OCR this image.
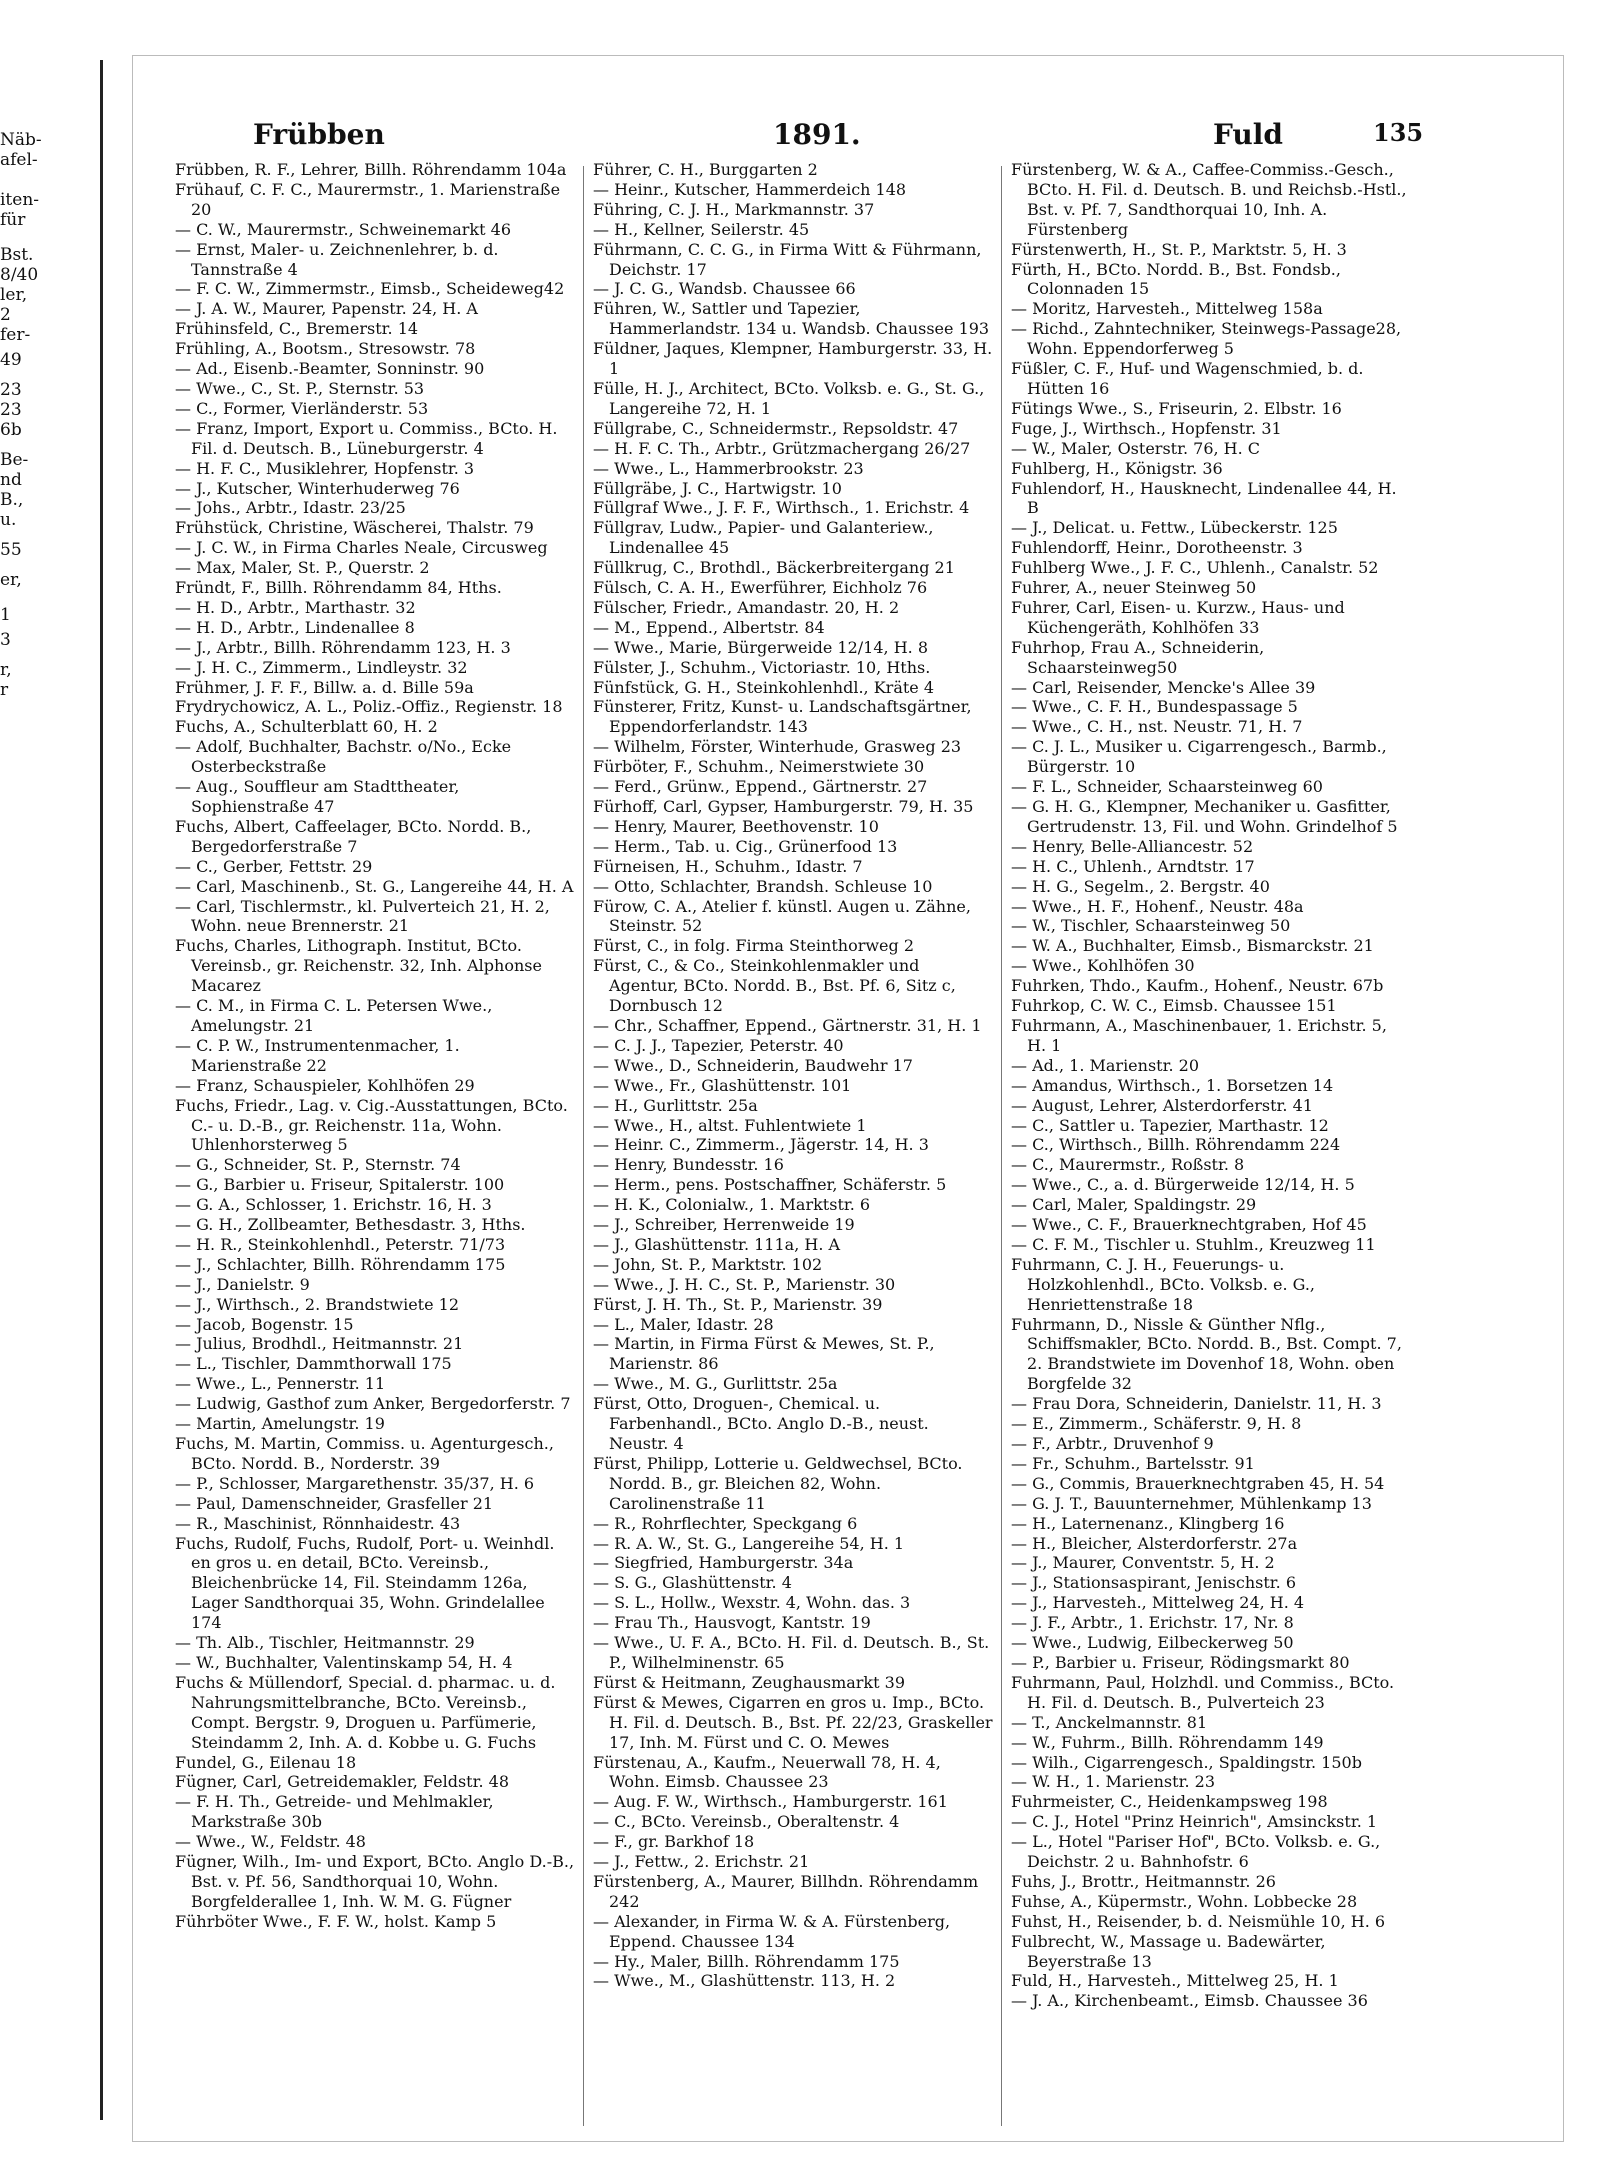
Näb-
afel-
iten-
für
Bst.
8/40
ler,
2
fer-
49
23
23
6b
Be-
nd
B.,
u.
55
er,
1
3
r,
r
Frübben	1891.	Fuld	135

Frübben, R. F., Lehrer, Billh. Röhrendamm 104a

Frühauf, C. F. C., Maurermstr., 1. Marienstraße 20

— C. W., Maurermstr., Schweinemarkt 46

— Ernst, Maler- u. Zeichnenlehrer, b. d. Tannstraße 4

— F. C. W., Zimmermstr., Eimsb., Scheideweg42

— J. A. W., Maurer, Papenstr. 24, H. A

Frühinsfeld, C., Bremerstr. 14

Frühling, A., Bootsm., Stresowstr. 78

— Ad., Eisenb.-Beamter, Sonninstr. 90

— Wwe., C., St. P., Sternstr. 53

— C., Former, Vierländerstr. 53

— Franz, Import, Export u. Commiss., BCto. H. Fil. d. Deutsch. B., Lüneburgerstr. 4

— H. F. C., Musiklehrer, Hopfenstr. 3

— J., Kutscher, Winterhuderweg 76

— Johs., Arbtr., Idastr. 23/25

Frühstück, Christine, Wäscherei, Thalstr. 79

— J. C. W., in Firma Charles Neale, Circusweg

— Max, Maler, St. P., Querstr. 2

Fründt, F., Billh. Röhrendamm 84, Hths.

— H. D., Arbtr., Marthastr. 32

— H. D., Arbtr., Lindenallee 8

— J., Arbtr., Billh. Röhrendamm 123, H. 3

— J. H. C., Zimmerm., Lindleystr. 32

Frühmer, J. F. F., Billw. a. d. Bille 59a

Frydrychowicz, A. L., Poliz.-Offiz., Regienstr. 18

Fuchs, A., Schulterblatt 60, H. 2

— Adolf, Buchhalter, Bachstr. o/No., Ecke Osterbeckstraße

— Aug., Souffleur am Stadttheater, Sophienstraße 47

Fuchs, Albert, Caffeelager, BCto. Nordd. B., Bergedorferstraße 7

— C., Gerber, Fettstr. 29

— Carl, Maschinenb., St. G., Langereihe 44, H. A

— Carl, Tischlermstr., kl. Pulverteich 21, H. 2, Wohn. neue Brennerstr. 21

Fuchs, Charles, Lithograph. Institut, BCto. Vereinsb., gr. Reichenstr. 32, Inh. Alphonse Macarez

— C. M., in Firma C. L. Petersen Wwe., Amelungstr. 21

— C. P. W., Instrumentenmacher, 1. Marienstraße 22

— Franz, Schauspieler, Kohlhöfen 29

Fuchs, Friedr., Lag. v. Cig.-Ausstattungen, BCto. C.- u. D.-B., gr. Reichenstr. 11a, Wohn. Uhlenhorsterweg 5

— G., Schneider, St. P., Sternstr. 74

— G., Barbier u. Friseur, Spitalerstr. 100

— G. A., Schlosser, 1. Erichstr. 16, H. 3

— G. H., Zollbeamter, Bethesdastr. 3, Hths.

— H. R., Steinkohlenhdl., Peterstr. 71/73

— J., Schlachter, Billh. Röhrendamm 175

— J., Danielstr. 9

— J., Wirthsch., 2. Brandstwiete 12

— Jacob, Bogenstr. 15

— Julius, Brodhdl., Heitmannstr. 21

— L., Tischler, Dammthorwall 175

— Wwe., L., Pennerstr. 11

— Ludwig, Gasthof zum Anker, Bergedorferstr. 7

— Martin, Amelungstr. 19

Fuchs, M. Martin, Commiss. u. Agenturgesch., BCto. Nordd. B., Norderstr. 39

— P., Schlosser, Margarethenstr. 35/37, H. 6

— Paul, Damenschneider, Grasfeller 21

— R., Maschinist, Rönnhaidestr. 43

Fuchs, Rudolf, Fuchs, Rudolf, Port- u. Weinhdl. en gros u. en detail, BCto. Vereinsb., Bleichenbrücke 14, Fil. Steindamm 126a, Lager Sandthorquai 35, Wohn. Grindelallee 174

— Th. Alb., Tischler, Heitmannstr. 29

— W., Buchhalter, Valentinskamp 54, H. 4

Fuchs & Müllendorf, Special. d. pharmac. u. d. Nahrungsmittelbranche, BCto. Vereinsb., Compt. Bergstr. 9, Droguen u. Parfümerie, Steindamm 2, Inh. A. d. Kobbe u. G. Fuchs

Fundel, G., Eilenau 18

Fügner, Carl, Getreidemakler, Feldstr. 48

— F. H. Th., Getreide- und Mehlmakler, Markstraße 30b

— Wwe., W., Feldstr. 48

Fügner, Wilh., Im- und Export, BCto. Anglo D.-B., Bst. v. Pf. 56, Sandthorquai 10, Wohn. Borgfelderallee 1, Inh. W. M. G. Fügner

Führböter Wwe., F. F. W., holst. Kamp 5

Führer, C. H., Burggarten 2

— Heinr., Kutscher, Hammerdeich 148

Führing, C. J. H., Markmannstr. 37

— H., Kellner, Seilerstr. 45

Führmann, C. C. G., in Firma Witt & Führmann, Deichstr. 17

— J. C. G., Wandsb. Chaussee 66

Führen, W., Sattler und Tapezier, Hammerlandstr. 134 u. Wandsb. Chaussee 193

Füldner, Jaques, Klempner, Hamburgerstr. 33, H. 1

Fülle, H. J., Architect, BCto. Volksb. e. G., St. G., Langereihe 72, H. 1

Füllgrabe, C., Schneidermstr., Repsoldstr. 47

— H. F. C. Th., Arbtr., Grützmachergang 26/27

— Wwe., L., Hammerbrookstr. 23

Füllgräbe, J. C., Hartwigstr. 10

Füllgraf Wwe., J. F. F., Wirthsch., 1. Erichstr. 4

Füllgrav, Ludw., Papier- und Galanteriew., Lindenallee 45

Füllkrug, C., Brothdl., Bäckerbreitergang 21

Fülsch, C. A. H., Ewerführer, Eichholz 76

Fülscher, Friedr., Amandastr. 20, H. 2

— M., Eppend., Albertstr. 84

— Wwe., Marie, Bürgerweide 12/14, H. 8

Fülster, J., Schuhm., Victoriastr. 10, Hths.

Fünfstück, G. H., Steinkohlenhdl., Kräte 4

Fünsterer, Fritz, Kunst- u. Landschaftsgärtner, Eppendorferlandstr. 143

— Wilhelm, Förster, Winterhude, Grasweg 23

Fürböter, F., Schuhm., Neimerstwiete 30

— Ferd., Grünw., Eppend., Gärtnerstr. 27

Fürhoff, Carl, Gypser, Hamburgerstr. 79, H. 35

— Henry, Maurer, Beethovenstr. 10

— Herm., Tab. u. Cig., Grünerfood 13

Fürneisen, H., Schuhm., Idastr. 7

— Otto, Schlachter, Brandsh. Schleuse 10

Fürow, C. A., Atelier f. künstl. Augen u. Zähne, Steinstr. 52

Fürst, C., in folg. Firma Steinthorweg 2

Fürst, C., & Co., Steinkohlenmakler und Agentur, BCto. Nordd. B., Bst. Pf. 6, Sitz c, Dornbusch 12

— Chr., Schaffner, Eppend., Gärtnerstr. 31, H. 1

— C. J. J., Tapezier, Peterstr. 40

— Wwe., D., Schneiderin, Baudwehr 17

— Wwe., Fr., Glashüttenstr. 101

— H., Gurlittstr. 25a

— Wwe., H., altst. Fuhlentwiete 1

— Heinr. C., Zimmerm., Jägerstr. 14, H. 3

— Henry, Bundesstr. 16

— Herm., pens. Postschaffner, Schäferstr. 5

— H. K., Colonialw., 1. Marktstr. 6

— J., Schreiber, Herrenweide 19

— J., Glashüttenstr. 111a, H. A

— John, St. P., Marktstr. 102

— Wwe., J. H. C., St. P., Marienstr. 30

Fürst, J. H. Th., St. P., Marienstr. 39

— L., Maler, Idastr. 28

— Martin, in Firma Fürst & Mewes, St. P., Marienstr. 86

— Wwe., M. G., Gurlittstr. 25a

Fürst, Otto, Droguen-, Chemical. u. Farbenhandl., BCto. Anglo D.-B., neust. Neustr. 4

Fürst, Philipp, Lotterie u. Geldwechsel, BCto. Nordd. B., gr. Bleichen 82, Wohn. Carolinenstraße 11

— R., Rohrflechter, Speckgang 6

— R. A. W., St. G., Langereihe 54, H. 1

— Siegfried, Hamburgerstr. 34a

— S. G., Glashüttenstr. 4

— S. L., Hollw., Wexstr. 4, Wohn. das. 3

— Frau Th., Hausvogt, Kantstr. 19

— Wwe., U. F. A., BCto. H. Fil. d. Deutsch. B., St. P., Wilhelminenstr. 65

Fürst & Heitmann, Zeughausmarkt 39

Fürst & Mewes, Cigarren en gros u. Imp., BCto. H. Fil. d. Deutsch. B., Bst. Pf. 22/23, Graskeller 17, Inh. M. Fürst und C. O. Mewes

Fürstenau, A., Kaufm., Neuerwall 78, H. 4, Wohn. Eimsb. Chaussee 23

— Aug. F. W., Wirthsch., Hamburgerstr. 161

— C., BCto. Vereinsb., Oberaltenstr. 4

— F., gr. Barkhof 18

— J., Fettw., 2. Erichstr. 21

Fürstenberg, A., Maurer, Billhdn. Röhrendamm 242

— Alexander, in Firma W. & A. Fürstenberg, Eppend. Chaussee 134

— Hy., Maler, Billh. Röhrendamm 175

— Wwe., M., Glashüttenstr. 113, H. 2

Fürstenberg, W. & A., Caffee-Commiss.-Gesch., BCto. H. Fil. d. Deutsch. B. und Reichsb.-Hstl., Bst. v. Pf. 7, Sandthorquai 10, Inh. A. Fürstenberg

Fürstenwerth, H., St. P., Marktstr. 5, H. 3

Fürth, H., BCto. Nordd. B., Bst. Fondsb., Colonnaden 15

— Moritz, Harvesteh., Mittelweg 158a

— Richd., Zahntechniker, Steinwegs-Passage28, Wohn. Eppendorferweg 5

Füßler, C. F., Huf- und Wagenschmied, b. d. Hütten 16

Fütings Wwe., S., Friseurin, 2. Elbstr. 16

Fuge, J., Wirthsch., Hopfenstr. 31

— W., Maler, Osterstr. 76, H. C

Fuhlberg, H., Königstr. 36

Fuhlendorf, H., Hausknecht, Lindenallee 44, H. B

— J., Delicat. u. Fettw., Lübeckerstr. 125

Fuhlendorff, Heinr., Dorotheenstr. 3

Fuhlberg Wwe., J. F. C., Uhlenh., Canalstr. 52

Fuhrer, A., neuer Steinweg 50

Fuhrer, Carl, Eisen- u. Kurzw., Haus- und Küchengeräth, Kohlhöfen 33

Fuhrhop, Frau A., Schneiderin, Schaarsteinweg50

— Carl, Reisender, Mencke's Allee 39

— Wwe., C. F. H., Bundespassage 5

— Wwe., C. H., nst. Neustr. 71, H. 7

— C. J. L., Musiker u. Cigarrengesch., Barmb., Bürgerstr. 10

— F. L., Schneider, Schaarsteinweg 60

— G. H. G., Klempner, Mechaniker u. Gasfitter, Gertrudenstr. 13, Fil. und Wohn. Grindelhof 5

— Henry, Belle-Alliancestr. 52

— H. C., Uhlenh., Arndtstr. 17

— H. G., Segelm., 2. Bergstr. 40

— Wwe., H. F., Hohenf., Neustr. 48a

— W., Tischler, Schaarsteinweg 50

— W. A., Buchhalter, Eimsb., Bismarckstr. 21

— Wwe., Kohlhöfen 30

Fuhrken, Thdo., Kaufm., Hohenf., Neustr. 67b

Fuhrkop, C. W. C., Eimsb. Chaussee 151

Fuhrmann, A., Maschinenbauer, 1. Erichstr. 5, H. 1

— Ad., 1. Marienstr. 20

— Amandus, Wirthsch., 1. Borsetzen 14

— August, Lehrer, Alsterdorferstr. 41

— C., Sattler u. Tapezier, Marthastr. 12

— C., Wirthsch., Billh. Röhrendamm 224

— C., Maurermstr., Roßstr. 8

— Wwe., C., a. d. Bürgerweide 12/14, H. 5

— Carl, Maler, Spaldingstr. 29

— Wwe., C. F., Brauerknechtgraben, Hof 45

— C. F. M., Tischler u. Stuhlm., Kreuzweg 11

Fuhrmann, C. J. H., Feuerungs- u. Holzkohlenhdl., BCto. Volksb. e. G., Henriettenstraße 18

Fuhrmann, D., Nissle & Günther Nflg., Schiffsmakler, BCto. Nordd. B., Bst. Compt. 7, 2. Brandstwiete im Dovenhof 18, Wohn. oben Borgfelde 32

— Frau Dora, Schneiderin, Danielstr. 11, H. 3

— E., Zimmerm., Schäferstr. 9, H. 8

— F., Arbtr., Druvenhof 9

— Fr., Schuhm., Bartelsstr. 91

— G., Commis, Brauerknechtgraben 45, H. 54

— G. J. T., Bauunternehmer, Mühlenkamp 13

— H., Laternenanz., Klingberg 16

— H., Bleicher, Alsterdorferstr. 27a

— J., Maurer, Conventstr. 5, H. 2

— J., Stationsaspirant, Jenischstr. 6

— J., Harvesteh., Mittelweg 24, H. 4

— J. F., Arbtr., 1. Erichstr. 17, Nr. 8

— Wwe., Ludwig, Eilbeckerweg 50

— P., Barbier u. Friseur, Rödingsmarkt 80

Fuhrmann, Paul, Holzhdl. und Commiss., BCto. H. Fil. d. Deutsch. B., Pulverteich 23

— T., Anckelmannstr. 81

— W., Fuhrm., Billh. Röhrendamm 149

— Wilh., Cigarrengesch., Spaldingstr. 150b

— W. H., 1. Marienstr. 23

Fuhrmeister, C., Heidenkampsweg 198

— C. J., Hotel "Prinz Heinrich", Amsinckstr. 1

— L., Hotel "Pariser Hof", BCto. Volksb. e. G., Deichstr. 2 u. Bahnhofstr. 6

Fuhs, J., Brottr., Heitmannstr. 26

Fuhse, A., Küpermstr., Wohn. Lobbecke 28

Fuhst, H., Reisender, b. d. Neismühle 10, H. 6

Fulbrecht, W., Massage u. Badewärter, Beyerstraße 13

Fuld, H., Harvesteh., Mittelweg 25, H. 1

— J. A., Kirchenbeamt., Eimsb. Chaussee 36
